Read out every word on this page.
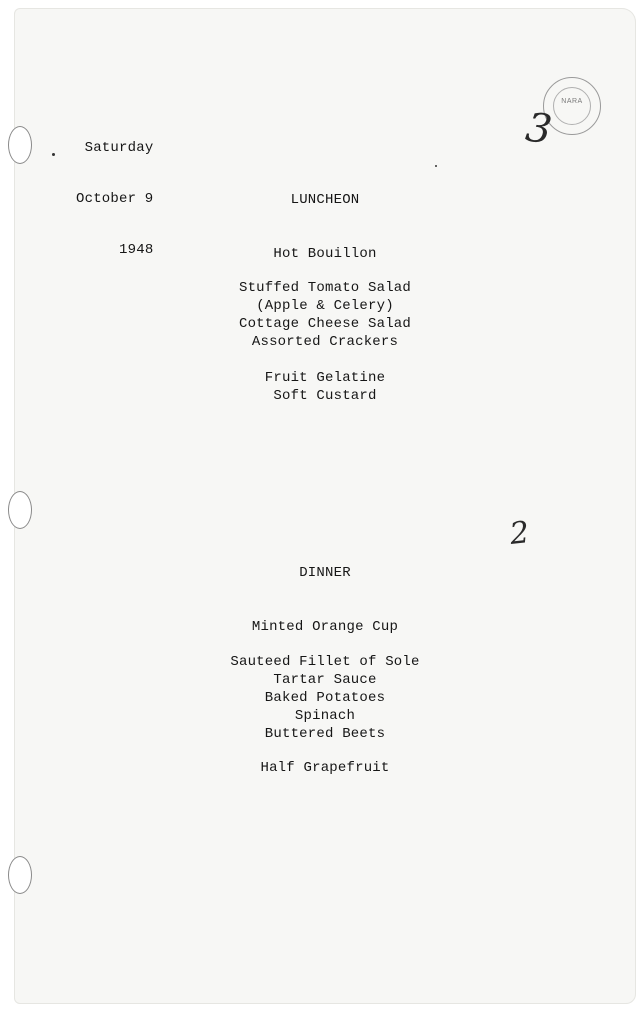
Saturday

October 9

1948

NARA
3
2
LUNCHEON
Hot Bouillon
Stuffed Tomato Salad
(Apple & Celery)
Cottage Cheese Salad
Assorted Crackers
Fruit Gelatine
Soft Custard
DINNER
Minted Orange Cup
Sauteed Fillet of Sole
Tartar Sauce
Baked Potatoes
Spinach
Buttered Beets
Half Grapefruit
